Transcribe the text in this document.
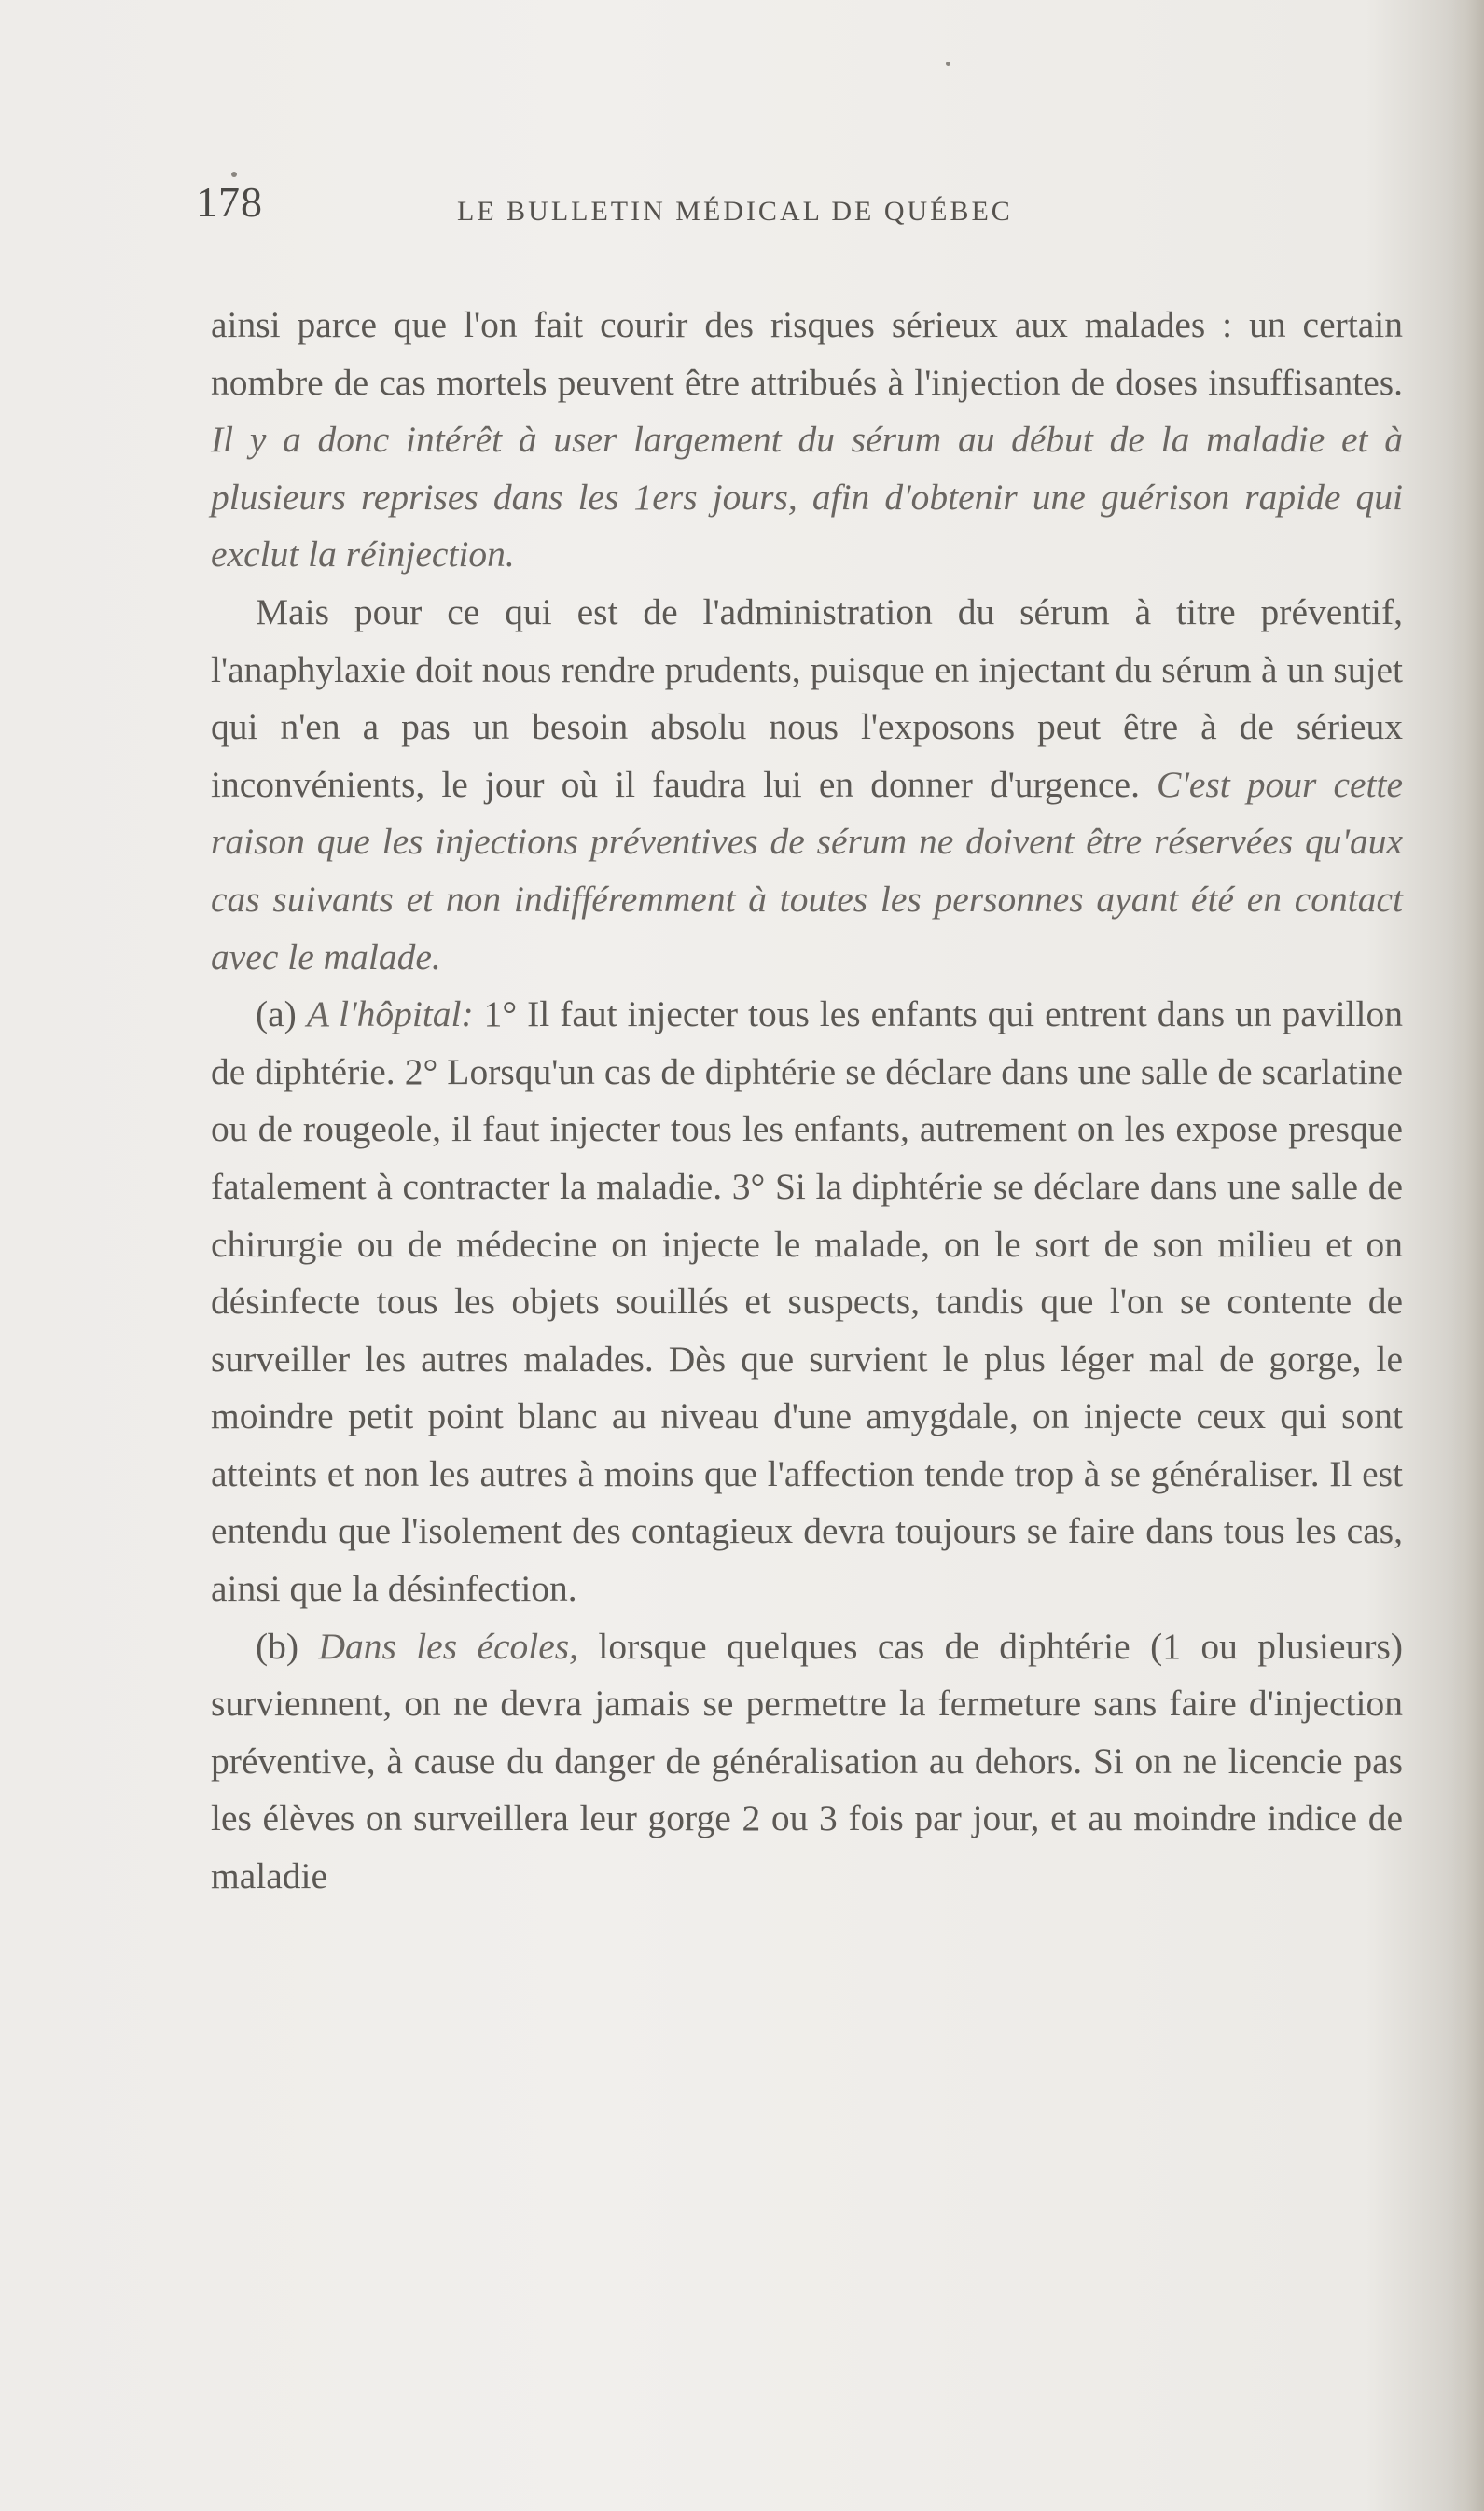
178	LE BULLETIN MÉDICAL DE QUÉBEC

ainsi parce que l'on fait courir des risques sérieux aux malades : un certain nombre de cas mortels peuvent être attribués à l'injection de doses insuffisantes. Il y a donc intérêt à user largement du sérum au début de la maladie et à plusieurs reprises dans les 1ers jours, afin d'obtenir une guérison rapide qui exclut la réinjection.

Mais pour ce qui est de l'administration du sérum à titre préventif, l'anaphylaxie doit nous rendre prudents, puisque en injectant du sérum à un sujet qui n'en a pas un besoin absolu nous l'exposons peut être à de sérieux inconvénients, le jour où il faudra lui en donner d'urgence. C'est pour cette raison que les injections préventives de sérum ne doivent être réservées qu'aux cas suivants et non indifféremment à toutes les personnes ayant été en contact avec le malade.

(a) A l'hôpital: 1° Il faut injecter tous les enfants qui entrent dans un pavillon de diphtérie. 2° Lorsqu'un cas de diphtérie se déclare dans une salle de scarlatine ou de rougeole, il faut injecter tous les enfants, autrement on les expose presque fatalement à contracter la maladie. 3° Si la diphtérie se déclare dans une salle de chirurgie ou de médecine on injecte le malade, on le sort de son milieu et on désinfecte tous les objets souillés et suspects, tandis que l'on se contente de surveiller les autres malades. Dès que survient le plus léger mal de gorge, le moindre petit point blanc au niveau d'une amygdale, on injecte ceux qui sont atteints et non les autres à moins que l'affection tende trop à se généraliser. Il est entendu que l'isolement des contagieux devra toujours se faire dans tous les cas, ainsi que la désinfection.

(b) Dans les écoles, lorsque quelques cas de diphtérie (1 ou plusieurs) surviennent, on ne devra jamais se permettre la fermeture sans faire d'injection préventive, à cause du danger de généralisation au dehors. Si on ne licencie pas les élèves on surveillera leur gorge 2 ou 3 fois par jour, et au moindre indice de maladie
